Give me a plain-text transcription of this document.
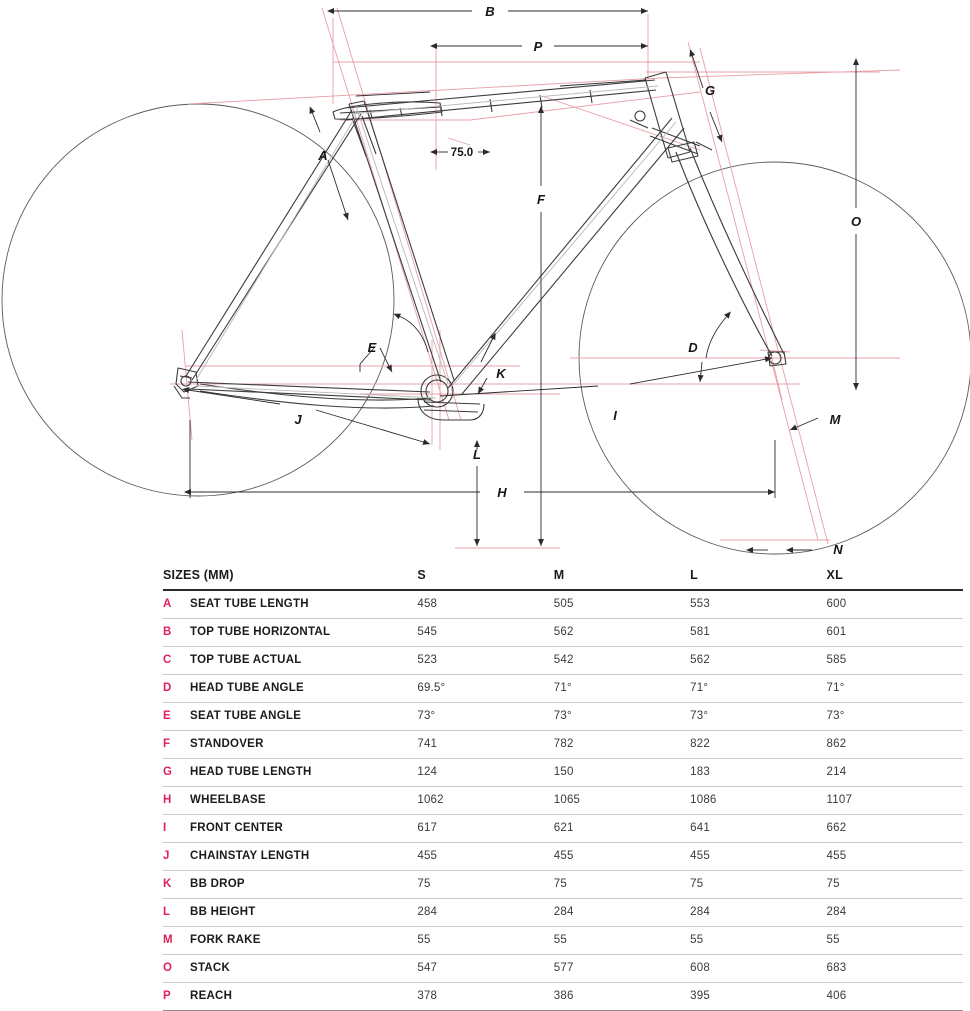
B
P
G
A	75.0
F
O
E	D
I	M
N
J
K
L
H
SIZES (MM)		S	M	L	XL
A	SEAT TUBE LENGTH	458	505	553	600
B	TOP TUBE HORIZONTAL	545	562	581	601
C	TOP TUBE ACTUAL	523	542	562	585
D	HEAD TUBE ANGLE	69.5°	71°	71°	71°
E	SEAT TUBE ANGLE	73°	73°	73°	73°
F	STANDOVER	741	782	822	862
G	HEAD TUBE LENGTH	124	150	183	214
H	WHEELBASE	1062	1065	1086	1107
I	FRONT CENTER	617	621	641	662
J	CHAINSTAY LENGTH	455	455	455	455
K	BB DROP	75	75	75	75
L	BB HEIGHT	284	284	284	284
M	FORK RAKE	55	55	55	55
O	STACK	547	577	608	683
P	REACH	378	386	395	406
